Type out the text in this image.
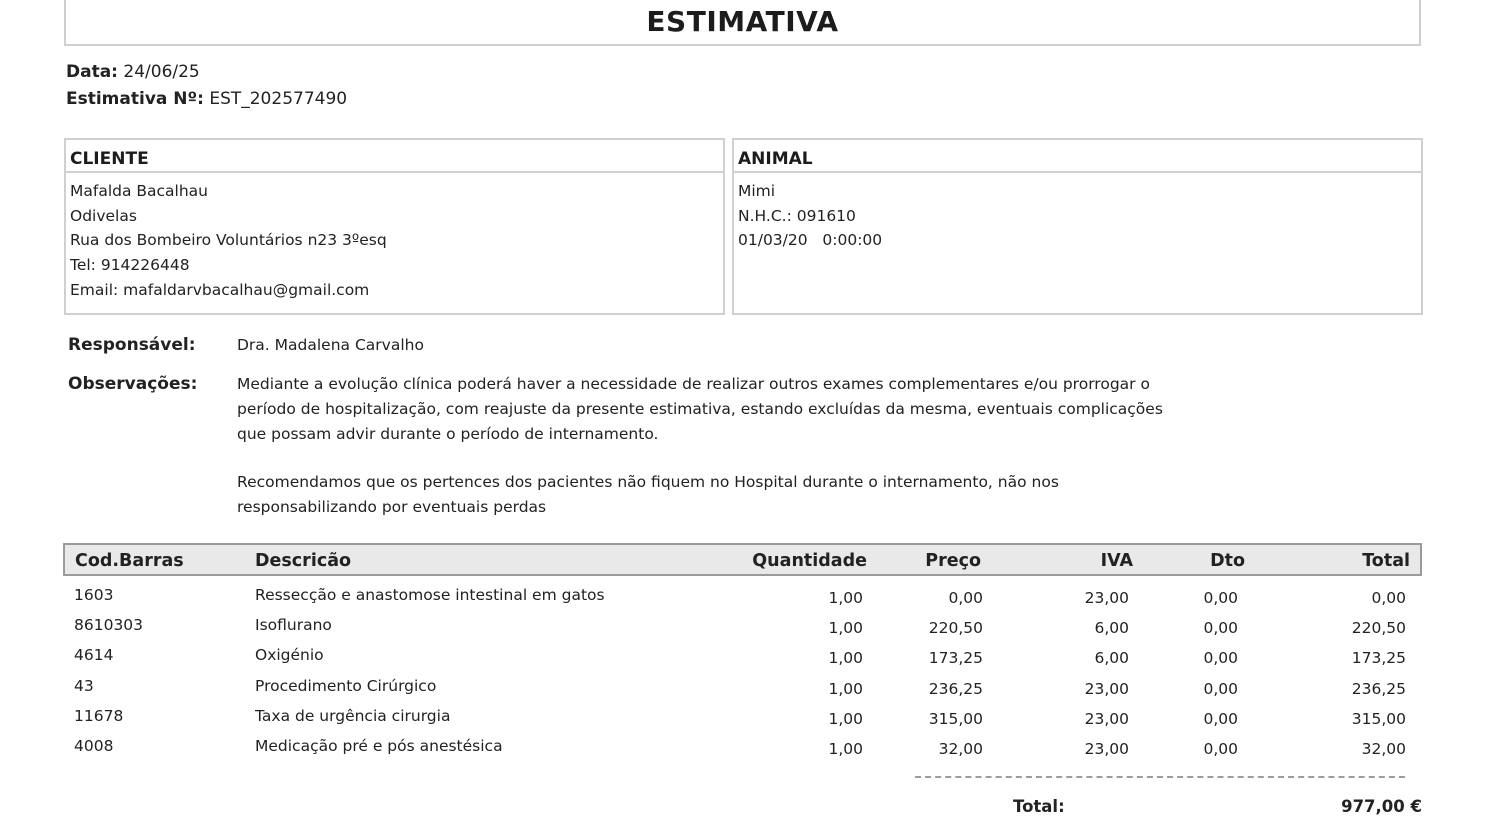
ESTIMATIVA
Data: 24/06/25
Estimativa Nº: EST_202577490
CLIENTE
Mafalda Bacalhau
Odivelas
Rua dos Bombeiro Voluntários n23 3ºesq
Tel: 914226448
Email: mafaldarvbacalhau@gmail.com
ANIMAL
Mimi
N.H.C.: 091610
01/03/20   0:00:00
Responsável:	Dra. Madalena Carvalho
Observações:	Mediante a evolução clínica poderá haver a necessidade de realizar outros exames complementares e/ou prorrogar o período de hospitalização, com reajuste da presente estimativa, estando excluídas da mesma, eventuais complicações que possam advir durante o período de internamento.

Recomendamos que os pertences dos pacientes não fiquem no Hospital durante o internamento, não nos responsabilizando por eventuais perdas

Cod.Barras	Descricão	Quantidade	Preço	IVA	Dto	Total
1603	Ressecção e anastomose intestinal em gatos	1,00	0,00	23,00	0,00	0,00
8610303	Isoflurano	1,00	220,50	6,00	0,00	220,50
4614	Oxigénio	1,00	173,25	6,00	0,00	173,25
43	Procedimento Cirúrgico	1,00	236,25	23,00	0,00	236,25
11678	Taxa de urgência cirurgia	1,00	315,00	23,00	0,00	315,00
4008	Medicação pré e pós anestésica	1,00	32,00	23,00	0,00	32,00
Total:	977,00 €
